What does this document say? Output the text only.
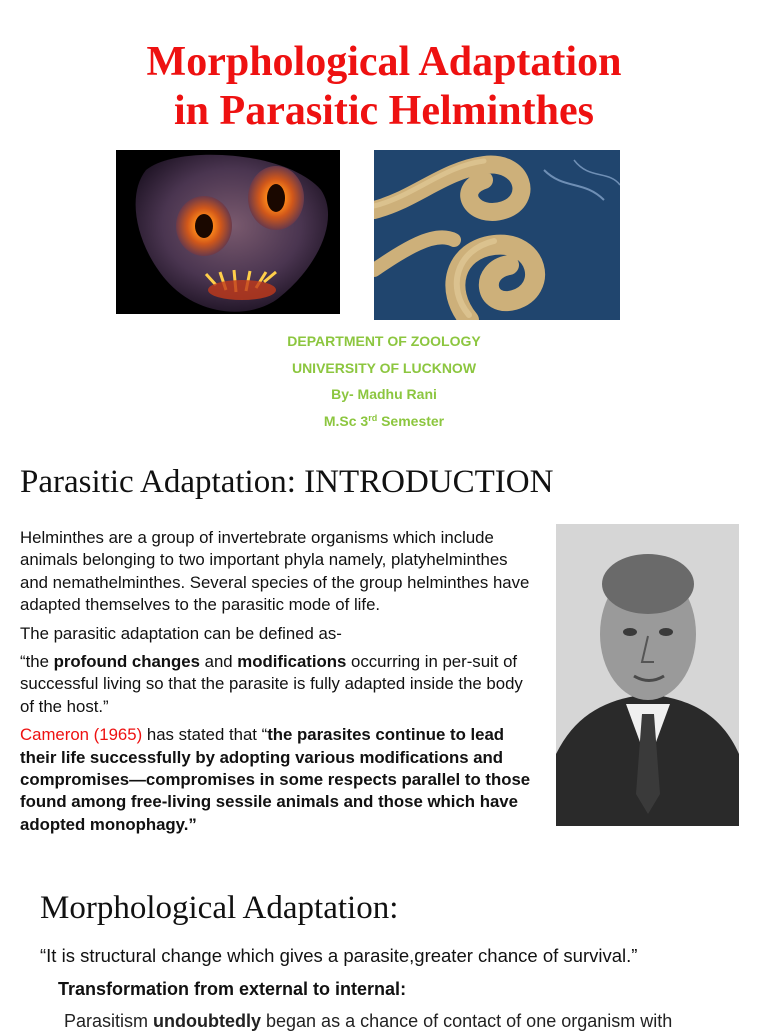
Morphological Adaptation
in Parasitic Helminthes
DEPARTMENT OF ZOOLOGY
UNIVERSITY OF LUCKNOW
By- Madhu Rani
M.Sc 3rd Semester
Parasitic Adaptation: INTRODUCTION

Helminthes are a group of invertebrate organisms which include animals belonging to two important phyla namely, platyhelminthes and nemathelminthes. Several species of the group helminthes have adapted themselves to the parasitic mode of life.

The parasitic adaptation can be defined as-

“the profound changes and modifications occurring in per-suit of successful living so that the parasite is fully adapted inside the body of the host.”

Cameron (1965) has stated that “the parasites continue to lead their life successfully by adopting various modifications and compromises—compromises in some respects parallel to those found among free-living sessile animals and those which have adopted monophagy.”

Morphological Adaptation:
“It is structural change which gives a parasite,greater chance of survival.”
Transformation from external to internal:
Parasitism undoubtedly began as a chance of contact of one organism with
